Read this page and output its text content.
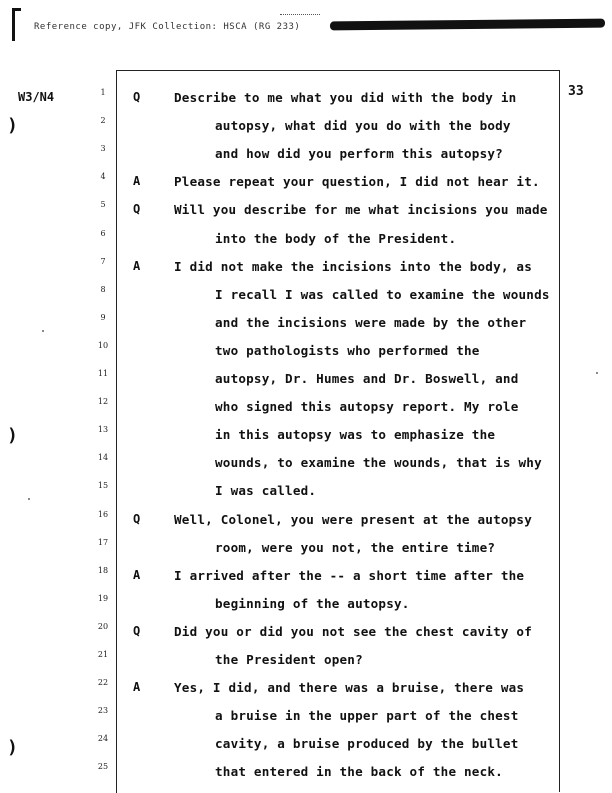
Reference copy, JFK Collection: HSCA (RG 233)
W3/N4	33
)
)
)
1	Q	Describe to me what you did with the body in
2	autopsy, what did you do with the body
3	and how did you perform this autopsy?
4	A	Please repeat your question, I did not hear it.
5	Q	Will you describe for me what incisions you made
6	into the body of the President.
7	A	I did not make the incisions into the body, as
8	I recall I was called to examine the wounds
9	and the incisions were made by the other
10	two pathologists who performed the
11	autopsy, Dr. Humes and Dr. Boswell, and
12	who signed this autopsy report. My role
13	in this autopsy was to emphasize the
14	wounds, to examine the wounds, that is why
15	I was called.
16 Q	Well, Colonel, you were present at the autopsy
17	room, were you not, the entire time?
18 A	I arrived after the -- a short time after the
19	beginning of the autopsy.
20 Q	Did you or did you not see the chest cavity of
21	the President open?
22 A	Yes, I did, and there was a bruise, there was
23	a bruise in the upper part of the chest
24	cavity, a bruise produced by the bullet
25	that entered in the back of the neck.
